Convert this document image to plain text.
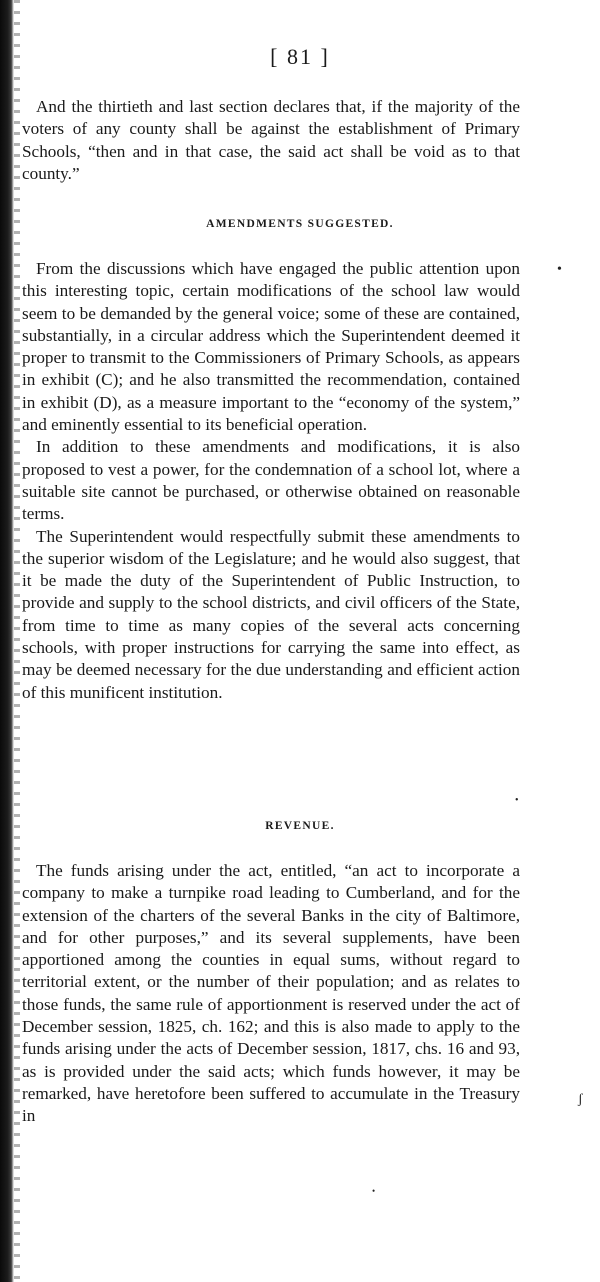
[ 81 ]

And the thirtieth and last section declares that, if the majority of the voters of any county shall be against the establishment of Primary Schools, “then and in that case, the said act shall be void as to that county.”

AMENDMENTS SUGGESTED.

From the discussions which have engaged the public attention upon this interesting topic, certain modifications of the school law would seem to be demanded by the general voice; some of these are contained, substantially, in a circular address which the Superintendent deemed it proper to transmit to the Commissioners of Primary Schools, as appears in exhibit (C); and he also transmitted the recommendation, contained in exhibit (D), as a measure important to the “economy of the system,” and eminently essential to its beneficial operation.

In addition to these amendments and modifications, it is also proposed to vest a power, for the condemnation of a school lot, where a suitable site cannot be purchased, or otherwise obtained on reasonable terms.

The Superintendent would respectfully submit these amendments to the superior wisdom of the Legislature; and he would also suggest, that it be made the duty of the Superintendent of Public Instruction, to provide and supply to the school districts, and civil officers of the State, from time to time as many copies of the several acts concerning schools, with proper instructions for carrying the same into effect, as may be deemed necessary for the due understanding and efficient action of this munificent institution.

REVENUE.

The funds arising under the act, entitled, “an act to incorporate a company to make a turnpike road leading to Cumberland, and for the extension of the charters of the several Banks in the city of Baltimore, and for other purposes,” and its several supplements, have been apportioned among the counties in equal sums, without regard to territorial extent, or the number of their population; and as relates to those funds, the same rule of apportionment is reserved under the act of December session, 1825, ch. 162; and this is also made to apply to the funds arising under the acts of December session, 1817, chs. 16 and 93, as is provided under the said acts; which funds however, it may be remarked, have heretofore been suffered to accumulate in the Treasury in

•
•
ʃ
•
